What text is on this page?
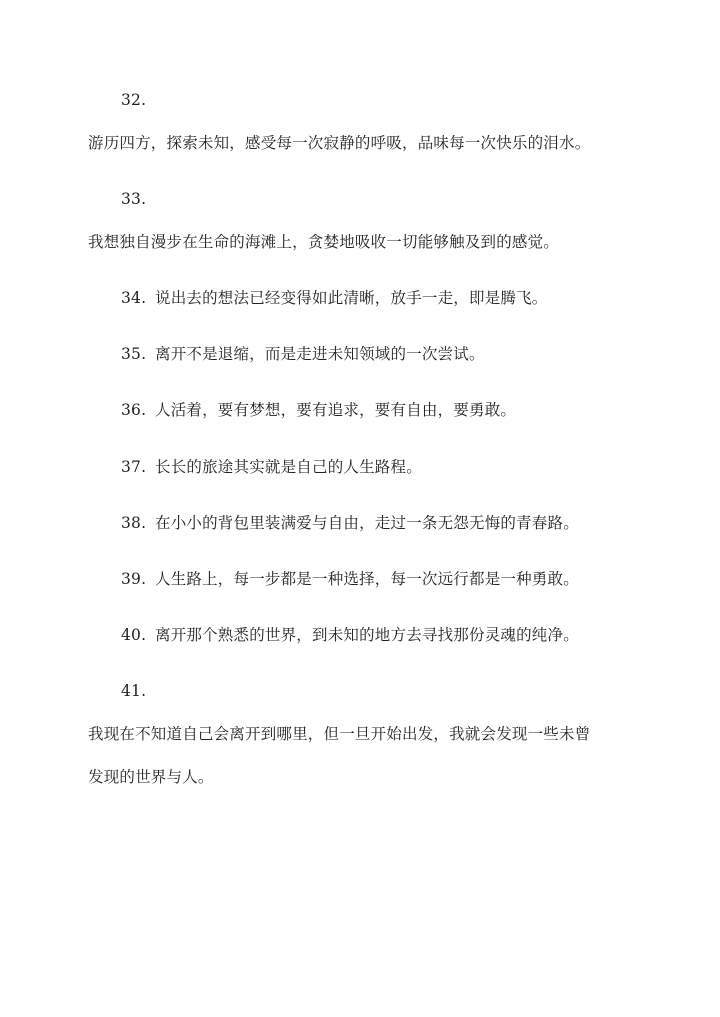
32.
游历四方，探索未知，感受每一次寂静的呼吸，品味每一次快乐的泪水。
33.
我想独自漫步在生命的海滩上，贪婪地吸收一切能够触及到的感觉。
34. 说出去的想法已经变得如此清晰，放手一走，即是腾飞。
35. 离开不是退缩，而是走进未知领域的一次尝试。
36. 人活着，要有梦想，要有追求，要有自由，要勇敢。
37. 长长的旅途其实就是自己的人生路程。
38. 在小小的背包里装满爱与自由，走过一条无怨无悔的青春路。
39. 人生路上，每一步都是一种选择，每一次远行都是一种勇敢。
40. 离开那个熟悉的世界，到未知的地方去寻找那份灵魂的纯净。
41.
我现在不知道自己会离开到哪里，但一旦开始出发，我就会发现一些未曾
发现的世界与人。
